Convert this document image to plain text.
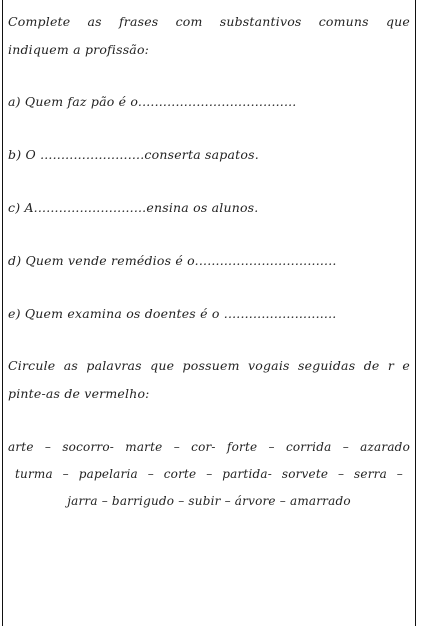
Complete as frases com substantivos comuns que
indiquem a profissão:
a) Quem faz pão é o......................................
b) O .........................conserta sapatos.
c) A...........................ensina os alunos.
d) Quem vende remédios é o..................................
e) Quem examina os doentes é o ...........................
Circule as palavras que possuem vogais seguidas de r e
pinte-as de vermelho:
arte – socorro- marte – cor- forte – corrida – azarado
turma – papelaria – corte – partida- sorvete – serra –
jarra – barrigudo – subir – árvore – amarrado
